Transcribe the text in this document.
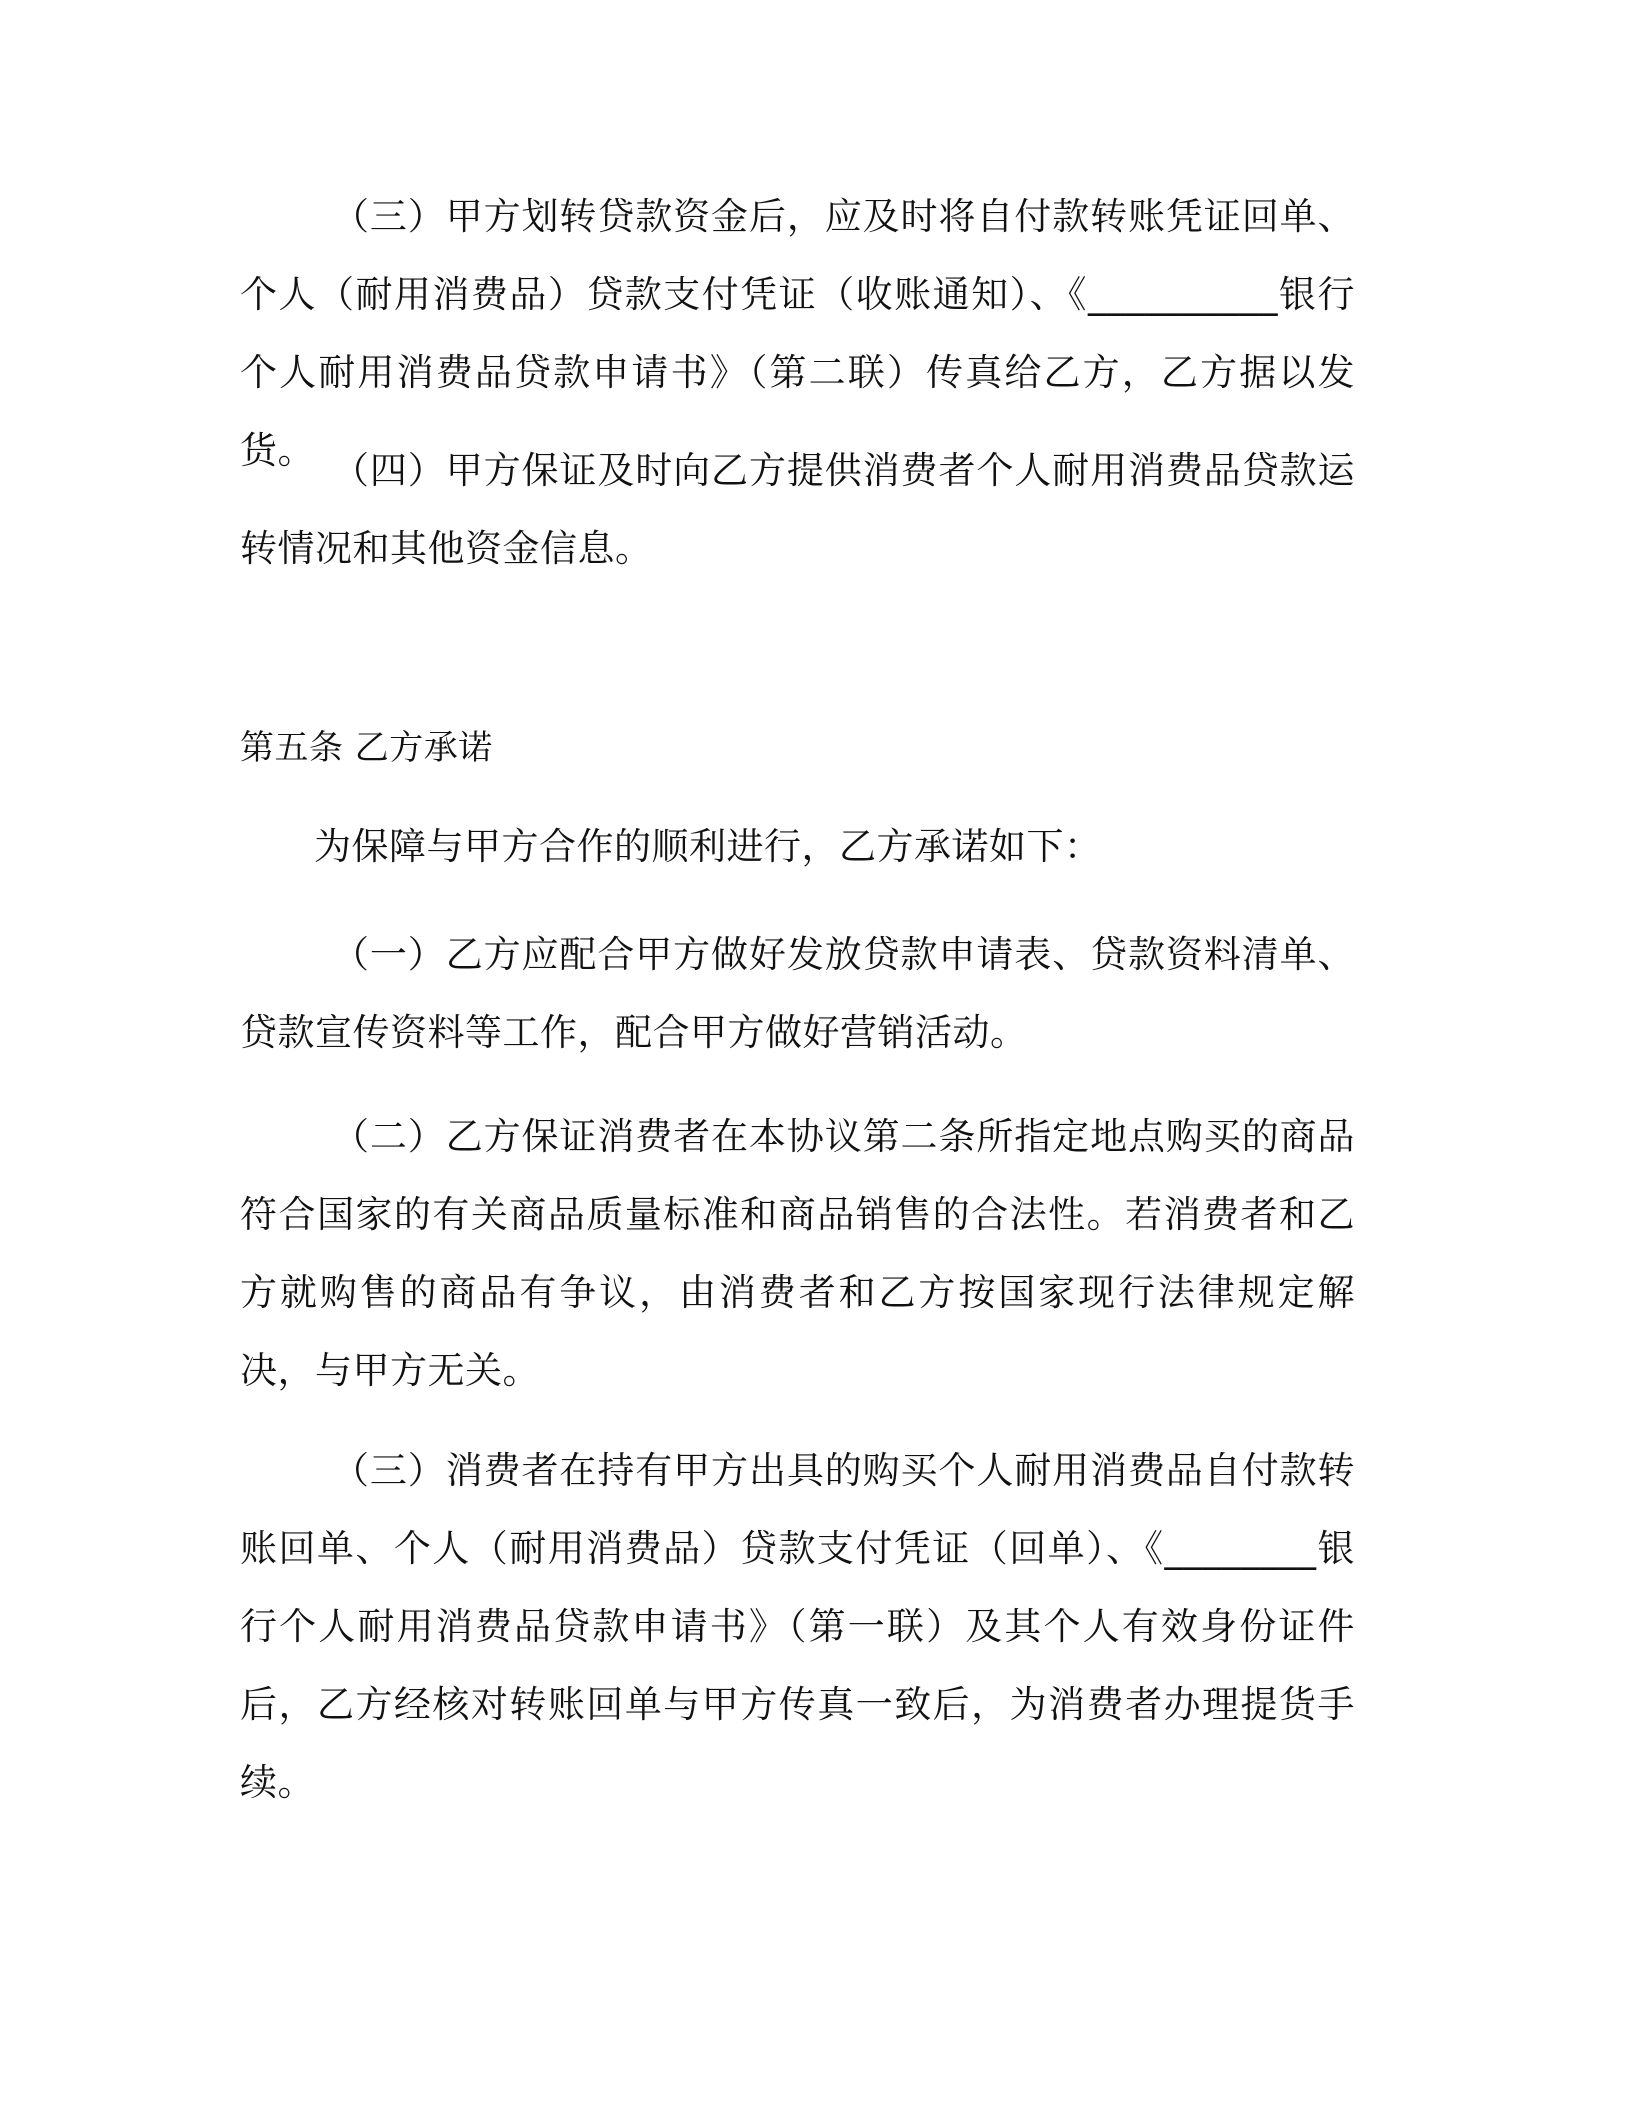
（三）甲方划转贷款资金后，应及时将自付款转账凭证回单、个人（耐用消费品）贷款支付凭证（收账通知）、《__________银行个人耐用消费品贷款申请书》（第二联）传真给乙方，乙方据以发货。 （四）甲方保证及时向乙方提供消费者个人耐用消费品贷款运转情况和其他资金信息。

第五条 乙方承诺

为保障与甲方合作的顺利进行，乙方承诺如下：

（一）乙方应配合甲方做好发放贷款申请表、贷款资料清单、贷款宣传资料等工作，配合甲方做好营销活动。

（二）乙方保证消费者在本协议第二条所指定地点购买的商品符合国家的有关商品质量标准和商品销售的合法性。若消费者和乙方就购售的商品有争议，由消费者和乙方按国家现行法律规定解决，与甲方无关。

（三）消费者在持有甲方出具的购买个人耐用消费品自付款转账回单、个人（耐用消费品）贷款支付凭证（回单）、《________银行个人耐用消费品贷款申请书》（第一联）及其个人有效身份证件后，乙方经核对转账回单与甲方传真一致后，为消费者办理提货手续。
